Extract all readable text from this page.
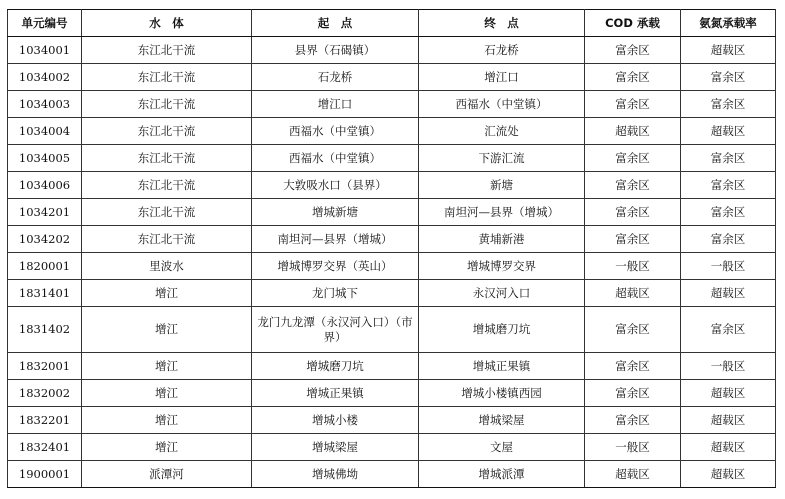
单元编号	水　体	起　点	终　点	COD 承载	氨氮承载率
1034001	东江北干流	县界（石碣镇）	石龙桥	富余区	超载区
1034002	东江北干流	石龙桥	增江口	富余区	富余区
1034003	东江北干流	增江口	西福水（中堂镇）	富余区	富余区
1034004	东江北干流	西福水（中堂镇）	汇流处	超载区	超载区
1034005	东江北干流	西福水（中堂镇）	下游汇流	富余区	富余区
1034006	东江北干流	大敦吸水口（县界）	新塘	富余区	富余区
1034201	东江北干流	增城新塘	南坦河—县界（增城）	富余区	富余区
1034202	东江北干流	南坦河—县界（增城）	黄埔新港	富余区	富余区
1820001	里波水	增城博罗交界（英山）	增城博罗交界	一般区	一般区
1831401	增江	龙门城下	永汉河入口	超载区	超载区
1831402	增江	龙门九龙潭（永汉河入口）（市界）	增城磨刀坑	富余区	富余区
1832001	增江	增城磨刀坑	增城正果镇	富余区	一般区
1832002	增江	增城正果镇	增城小楼镇西园	富余区	超载区
1832201	增江	增城小楼	增城梁屋	富余区	超载区
1832401	增江	增城梁屋	文屋	一般区	超载区
1900001	派潭河	增城佛坳	增城派潭	超载区	超载区
